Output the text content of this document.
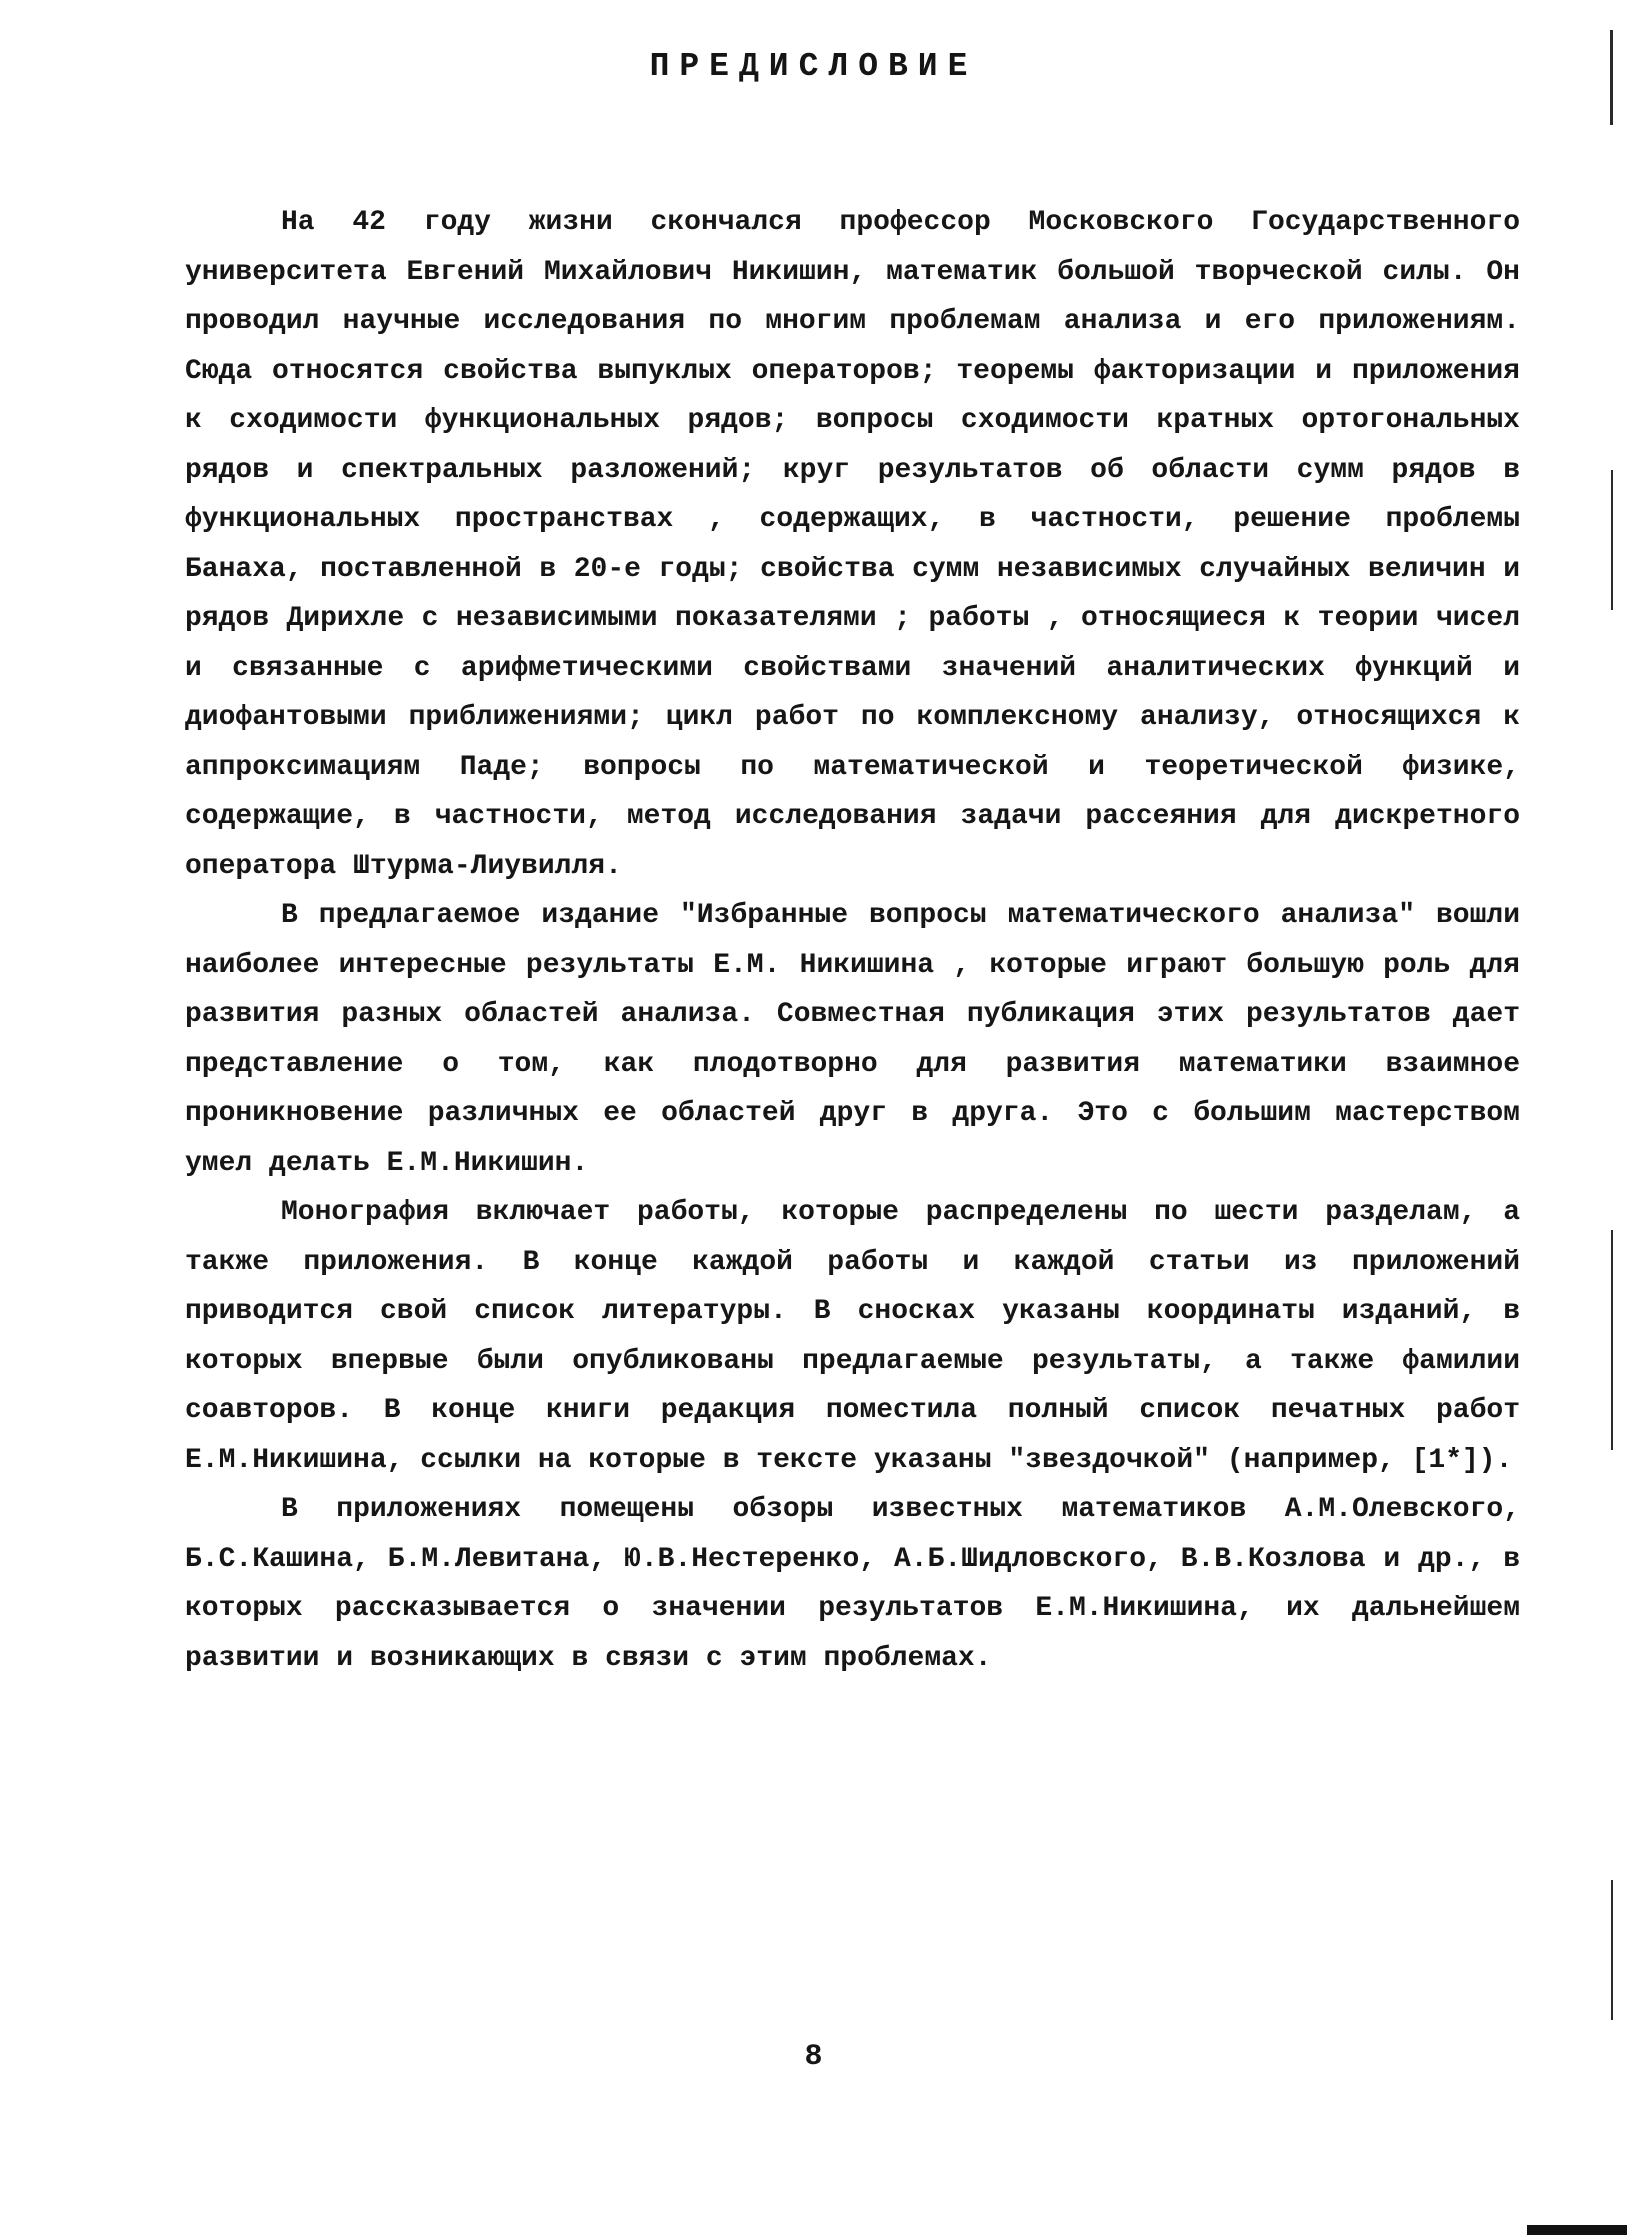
ПРЕДИСЛОВИЕ

На 42 году жизни скончался профессор Московского Государственного университета Евгений Михайлович Никишин, математик большой творческой силы. Он проводил научные исследования по многим проблемам анализа и его приложениям. Сюда относятся свойства выпуклых операторов; теоремы факторизации и приложения к сходимости функциональных рядов; вопросы сходимости кратных ортогональных рядов и спектральных разложений; круг результатов об области сумм рядов в функциональных пространствах , содержащих, в частности, решение проблемы Банаха, поставленной в 20-е годы; свойства сумм независимых случайных величин и рядов Дирихле с независимыми показателями ; работы , относящиеся к теории чисел и связанные с арифметическими свойствами значений аналитических функций и диофантовыми приближениями; цикл работ по комплексному анализу, относящихся к аппроксимациям Паде; вопросы по математической и теоретической физике, содержащие, в частности, метод исследования задачи рассеяния для дискретного оператора Штурма-Лиувилля.

В предлагаемое издание "Избранные вопросы математического анализа" вошли наиболее интересные результаты Е.М. Никишина , которые играют большую роль для развития разных областей анализа. Совместная публикация этих результатов дает представление о том, как плодотворно для развития математики взаимное проникновение различных ее областей друг в друга. Это с большим мастерством умел делать Е.М.Никишин.

Монография включает работы, которые распределены по шести разделам, а также приложения. В конце каждой работы и каждой статьи из приложений приводится свой список литературы. В сносках указаны координаты изданий, в которых впервые были опубликованы предлагаемые результаты, а также фамилии соавторов. В конце книги редакция поместила полный список печатных работ Е.М.Никишина, ссылки на которые в тексте указаны "звездочкой" (например, [1*]).

В приложениях помещены обзоры известных математиков А.М.Олевского, Б.С.Кашина, Б.М.Левитана, Ю.В.Нестеренко, А.Б.Шидловского, В.В.Козлова и др., в которых рассказывается о значении результатов Е.М.Никишина, их дальнейшем развитии и возникающих в связи с этим проблемах.

8
